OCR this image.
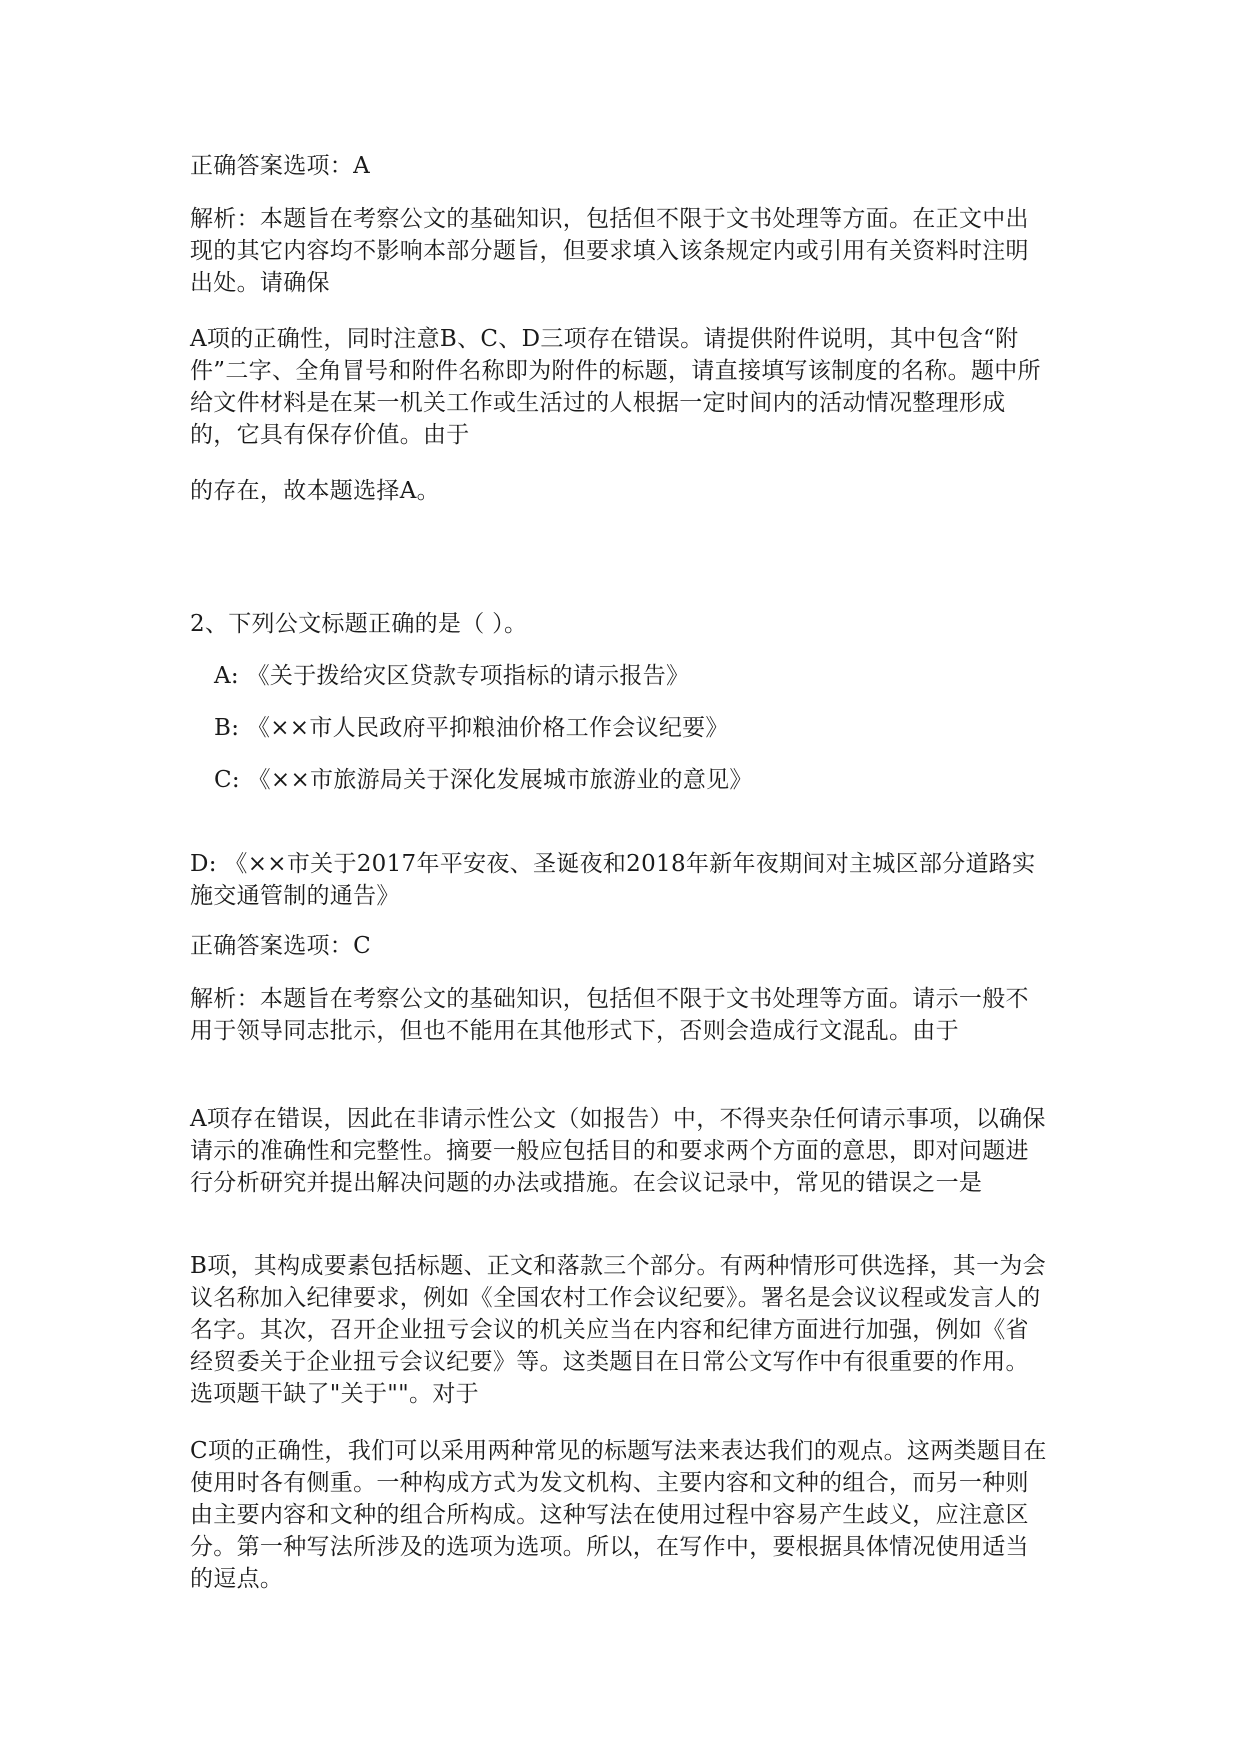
正确答案选项：A
解析：本题旨在考察公文的基础知识，包括但不限于文书处理等方面。在正文中出现的其它内容均不影响本部分题旨，但要求填入该条规定内或引用有关资料时注明出处。请确保
A项的正确性，同时注意B、C、D三项存在错误。请提供附件说明，其中包含“附件”二字、全角冒号和附件名称即为附件的标题，请直接填写该制度的名称。题中所给文件材料是在某一机关工作或生活过的人根据一定时间内的活动情况整理形成的，它具有保存价值。由于
的存在，故本题选择A。
2、下列公文标题正确的是（ ）。
A: 《关于拨给灾区贷款专项指标的请示报告》
B: 《××市人民政府平抑粮油价格工作会议纪要》
C: 《××市旅游局关于深化发展城市旅游业的意见》
D: 《××市关于2017年平安夜、圣诞夜和2018年新年夜期间对主城区部分道路实施交通管制的通告》
正确答案选项：C
解析：本题旨在考察公文的基础知识，包括但不限于文书处理等方面。请示一般不用于领导同志批示，但也不能用在其他形式下，否则会造成行文混乱。由于
A项存在错误，因此在非请示性公文（如报告）中，不得夹杂任何请示事项，以确保请示的准确性和完整性。摘要一般应包括目的和要求两个方面的意思，即对问题进行分析研究并提出解决问题的办法或措施。在会议记录中，常见的错误之一是
B项，其构成要素包括标题、正文和落款三个部分。有两种情形可供选择，其一为会议名称加入纪律要求，例如《全国农村工作会议纪要》。署名是会议议程或发言人的名字。其次，召开企业扭亏会议的机关应当在内容和纪律方面进行加强，例如《省经贸委关于企业扭亏会议纪要》等。这类题目在日常公文写作中有很重要的作用。选项题干缺了"关于""。对于
C项的正确性，我们可以采用两种常见的标题写法来表达我们的观点。这两类题目在使用时各有侧重。一种构成方式为发文机构、主要内容和文种的组合，而另一种则由主要内容和文种的组合所构成。这种写法在使用过程中容易产生歧义，应注意区分。第一种写法所涉及的选项为选项。所以，在写作中，要根据具体情况使用适当的逗点。
